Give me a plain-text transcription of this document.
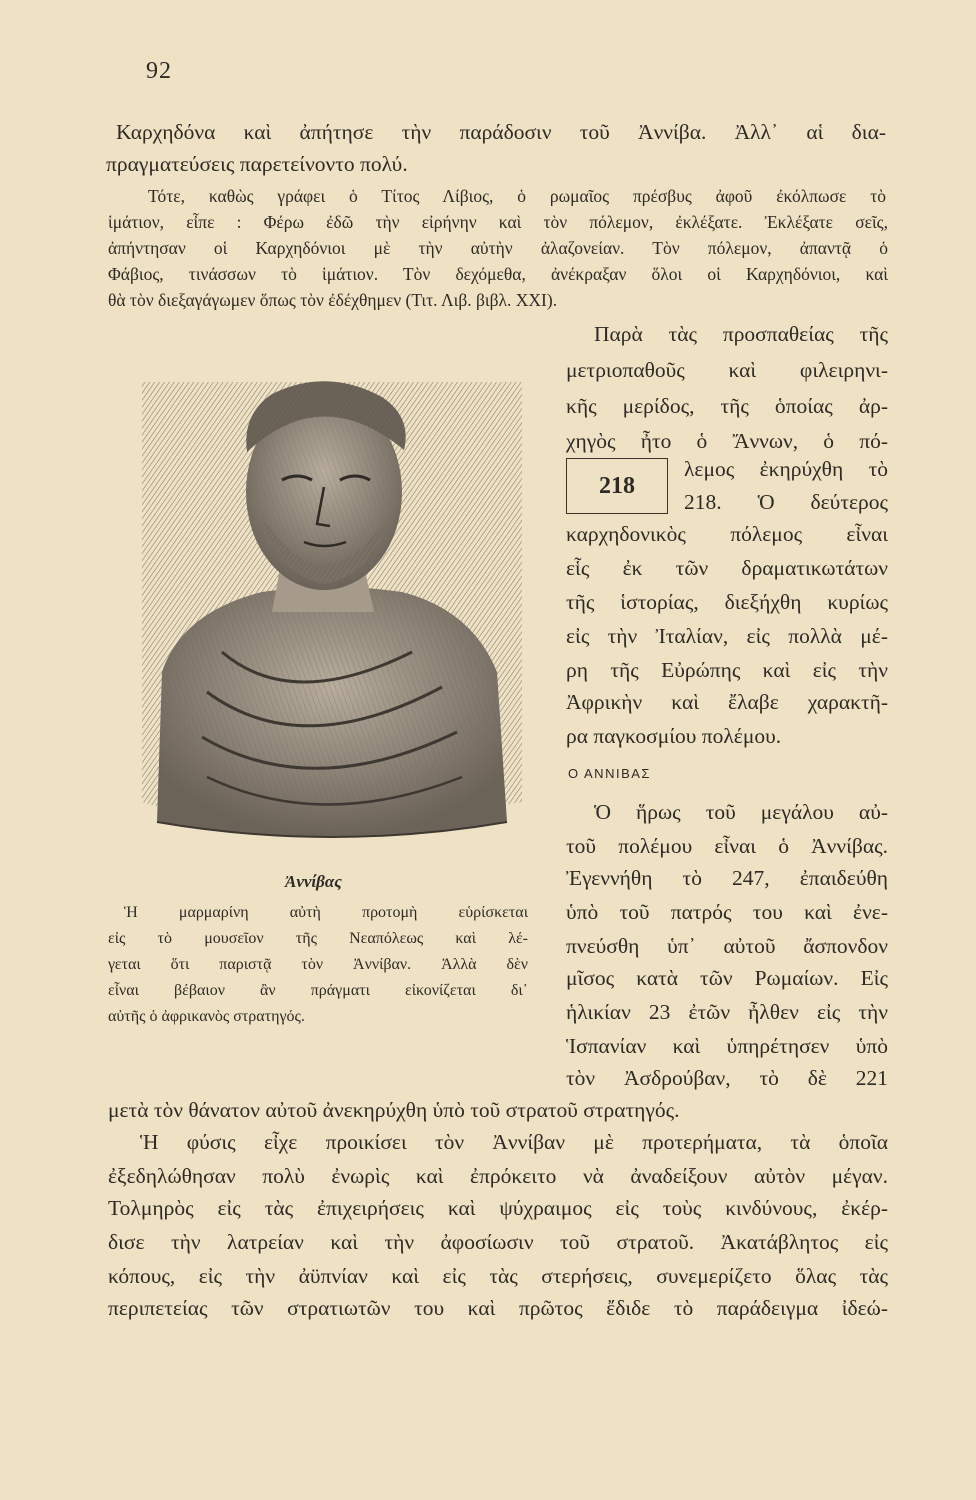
92
Καρχηδόνα καὶ ἀπήτησε τὴν παράδοσιν τοῦ Ἀννίβα. Ἀλλ᾽ αἱ δια-
πραγματεύσεις παρετείνοντο πολύ.
Τότε, καθὼς γράφει ὁ Τίτος Λίβιος, ὁ ρωμαῖος πρέσβυς ἀφοῦ ἐκόλπωσε τὸ
ἱμάτιον, εἶπε : Φέρω ἐδῶ τὴν εἰρήνην καὶ τὸν πόλεμον, ἐκλέξατε. Ἐκλέξατε σεῖς,
ἀπήντησαν οἱ Καρχηδόνιοι μὲ τὴν αὐτὴν ἀλαζονείαν. Τὸν πόλεμον, ἀπαντᾷ ὁ
Φάβιος, τινάσσων τὸ ἱμάτιον. Τὸν δεχόμεθα, ἀνέκραξαν ὅλοι οἱ Καρχηδόνιοι, καὶ
θὰ τὸν διεξαγάγωμεν ὅπως τὸν ἐδέχθημεν (Τιτ. Λιβ. βιβλ. XXI).
Παρὰ τὰς προσπαθείας τῆς
μετριοπαθοῦς καὶ φιλειρηνι-
κῆς μερίδος, τῆς ὁποίας ἀρ-
χηγὸς ἦτο ὁ Ἄννων, ὁ πό-
λεμος ἐκηρύχθη τὸ
218. Ὁ δεύτερος
καρχηδονικὸς πόλεμος εἶναι
εἷς ἐκ τῶν δραματικωτάτων
τῆς ἱστορίας, διεξήχθη κυρίως
εἰς τὴν Ἰταλίαν, εἰς πολλὰ μέ-
ρη τῆς Εὐρώπης καὶ εἰς τὴν
Ἀφρικὴν καὶ ἔλαβε χαρακτῆ-
ρα παγκοσμίου πολέμου.
218
Ο ΑΝΝΙΒΑΣ
Ὁ ἥρως τοῦ μεγάλου αὐ-
τοῦ πολέμου εἶναι ὁ Ἀννίβας.
Ἐγεννήθη τὸ 247, ἐπαιδεύθη
ὑπὸ τοῦ πατρός του καὶ ἐνε-
πνεύσθη ὑπ᾽ αὐτοῦ ἄσπονδον
μῖσος κατὰ τῶν Ρωμαίων. Εἰς
ἡλικίαν 23 ἐτῶν ἦλθεν εἰς τὴν
Ἱσπανίαν καὶ ὑπηρέτησεν ὑπὸ
τὸν Ἀσδρούβαν, τὸ δὲ 221
Ἀννίβας
Ἡ μαρμαρίνη αὐτὴ προτομὴ εὑρίσκεται
εἰς τὸ μουσεῖον τῆς Νεαπόλεως καὶ λέ-
γεται ὅτι παριστᾷ τὸν Ἀννίβαν. Ἀλλὰ δὲν
εἶναι βέβαιον ἂν πράγματι εἰκονίζεται δι᾽
αὐτῆς ὁ ἀφρικανὸς στρατηγός.
μετὰ τὸν θάνατον αὐτοῦ ἀνεκηρύχθη ὑπὸ τοῦ στρατοῦ στρατηγός.
Ἡ φύσις εἶχε προικίσει τὸν Ἀννίβαν μὲ προτερήματα, τὰ ὁποῖα
ἐξεδηλώθησαν πολὺ ἐνωρὶς καὶ ἐπρόκειτο νὰ ἀναδείξουν αὐτὸν μέγαν.
Τολμηρὸς εἰς τὰς ἐπιχειρήσεις καὶ ψύχραιμος εἰς τοὺς κινδύνους, ἐκέρ-
δισε τὴν λατρείαν καὶ τὴν ἀφοσίωσιν τοῦ στρατοῦ. Ἀκατάβλητος εἰς
κόπους, εἰς τὴν ἀϋπνίαν καὶ εἰς τὰς στερήσεις, συνεμερίζετο ὅλας τὰς
περιπετείας τῶν στρατιωτῶν του καὶ πρῶτος ἔδιδε τὸ παράδειγμα ἰδεώ-
